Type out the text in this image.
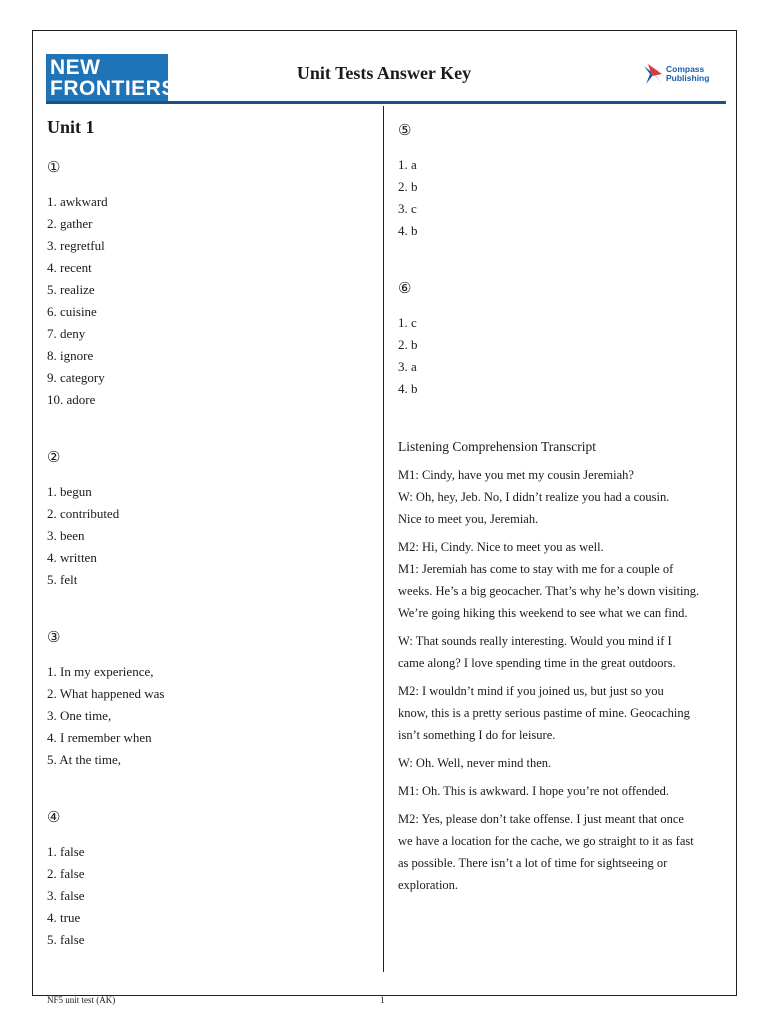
NEW
FRONTIERS
Unit Tests Answer Key	Compass
Publishing
Unit 1
①
1. awkward
2. gather
3. regretful
4. recent
5. realize
6. cuisine
7. deny
8. ignore
9. category
10. adore
②
1. begun
2. contributed
3. been
4. written
5. felt
③
1. In my experience,
2. What happened was
3. One time,
4. I remember when
5. At the time,
④
1. false
2. false
3. false
4. true
5. false
⑤
1. a
2. b
3. c
4. b
⑥
1. c
2. b
3. a
4. b
Listening Comprehension Transcript
M1: Cindy, have you met my cousin Jeremiah?
W: Oh, hey, Jeb. No, I didn’t realize you had a cousin.
Nice to meet you, Jeremiah.
M2: Hi, Cindy. Nice to meet you as well.
M1: Jeremiah has come to stay with me for a couple of
weeks. He’s a big geocacher. That’s why he’s down visiting.
We’re going hiking this weekend to see what we can find.
W: That sounds really interesting. Would you mind if I
came along? I love spending time in the great outdoors.
M2: I wouldn’t mind if you joined us, but just so you
know, this is a pretty serious pastime of mine. Geocaching
isn’t something I do for leisure.
W: Oh. Well, never mind then.
M1: Oh. This is awkward. I hope you’re not offended.
M2: Yes, please don’t take offense. I just meant that once
we have a location for the cache, we go straight to it as fast
as possible. There isn’t a lot of time for sightseeing or
exploration.
NF5 unit test (AK)	1
